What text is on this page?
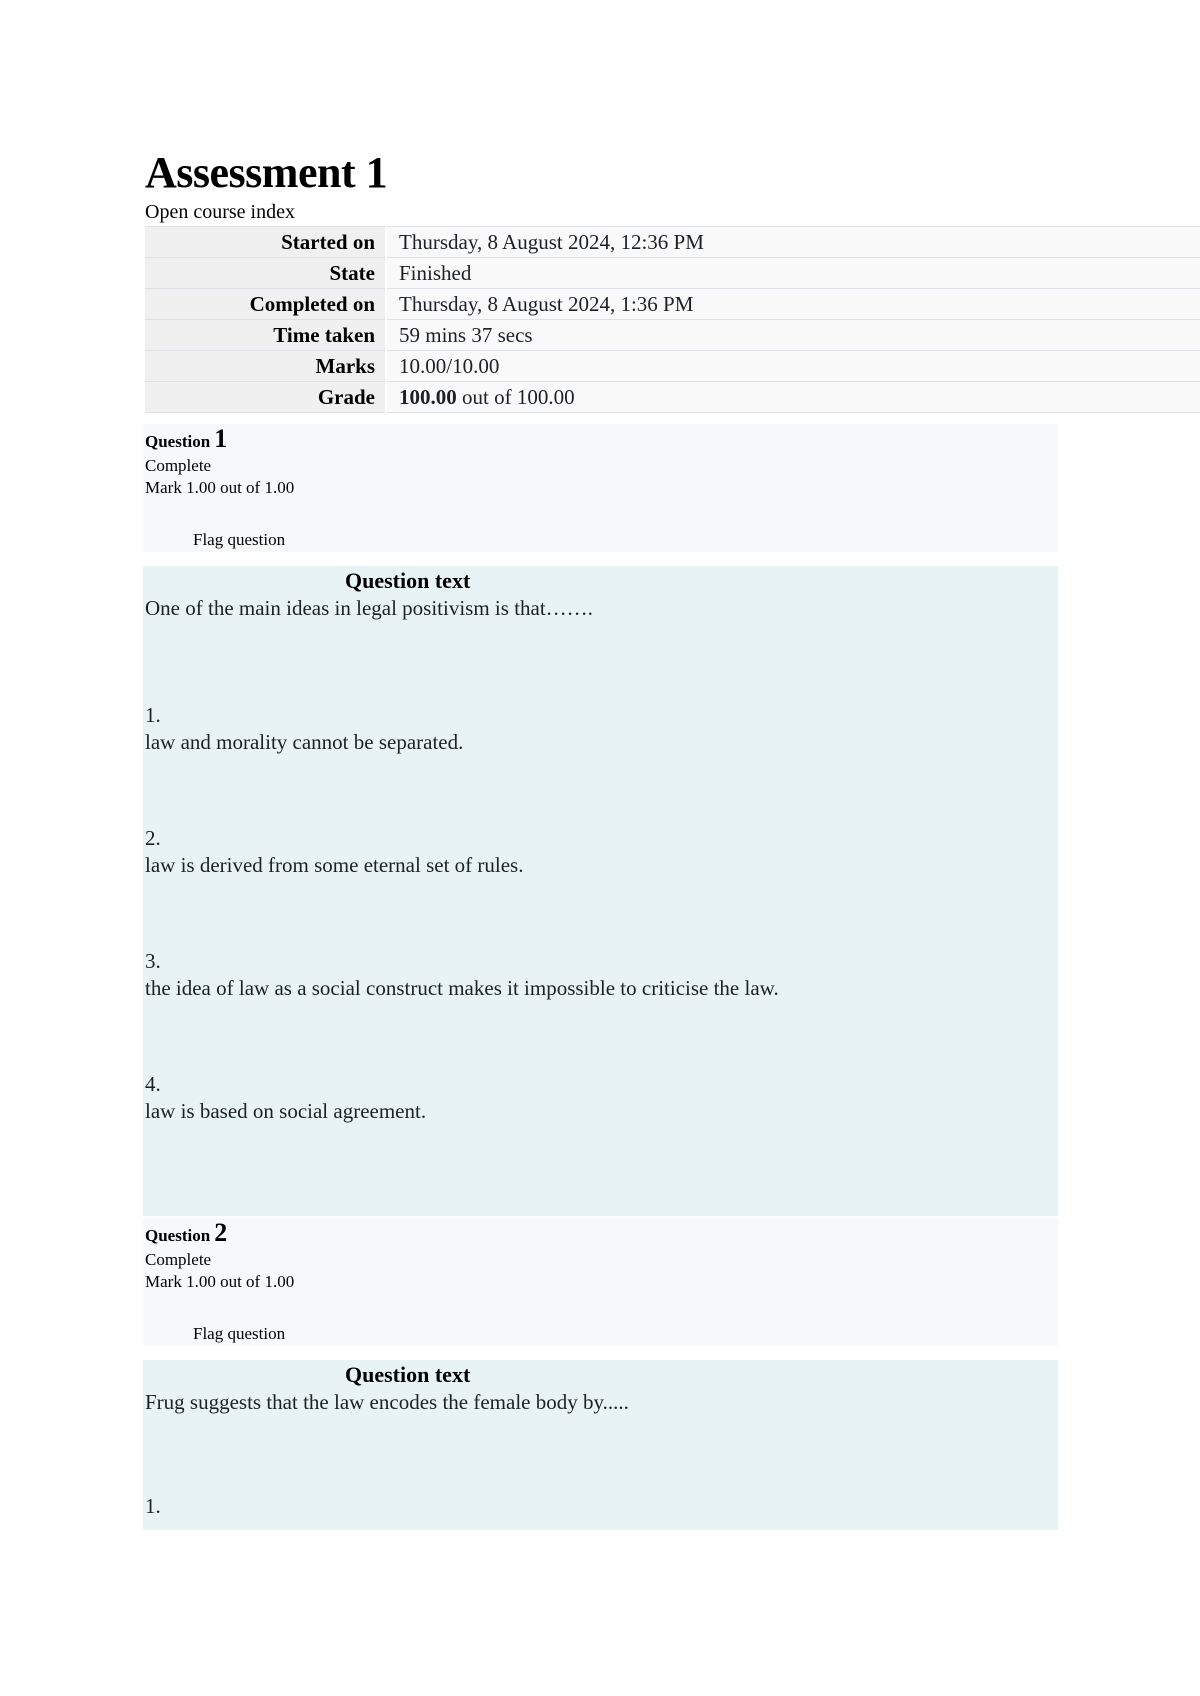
Assessment 1
Open course index
Started on	Thursday, 8 August 2024, 12:36 PM
State	Finished
Completed on	Thursday, 8 August 2024, 1:36 PM
Time taken	59 mins 37 secs
Marks	10.00/10.00
Grade	100.00 out of 100.00
Question 1
Complete
Mark 1.00 out of 1.00
Flag question
Question text
One of the main ideas in legal positivism is that…….
1.
law and morality cannot be separated.
2.
law is derived from some eternal set of rules.
3.
the idea of law as a social construct makes it impossible to criticise the law.
4.
law is based on social agreement.
Question 2
Complete
Mark 1.00 out of 1.00
Flag question
Question text
Frug suggests that the law encodes the female body by.....
1.
